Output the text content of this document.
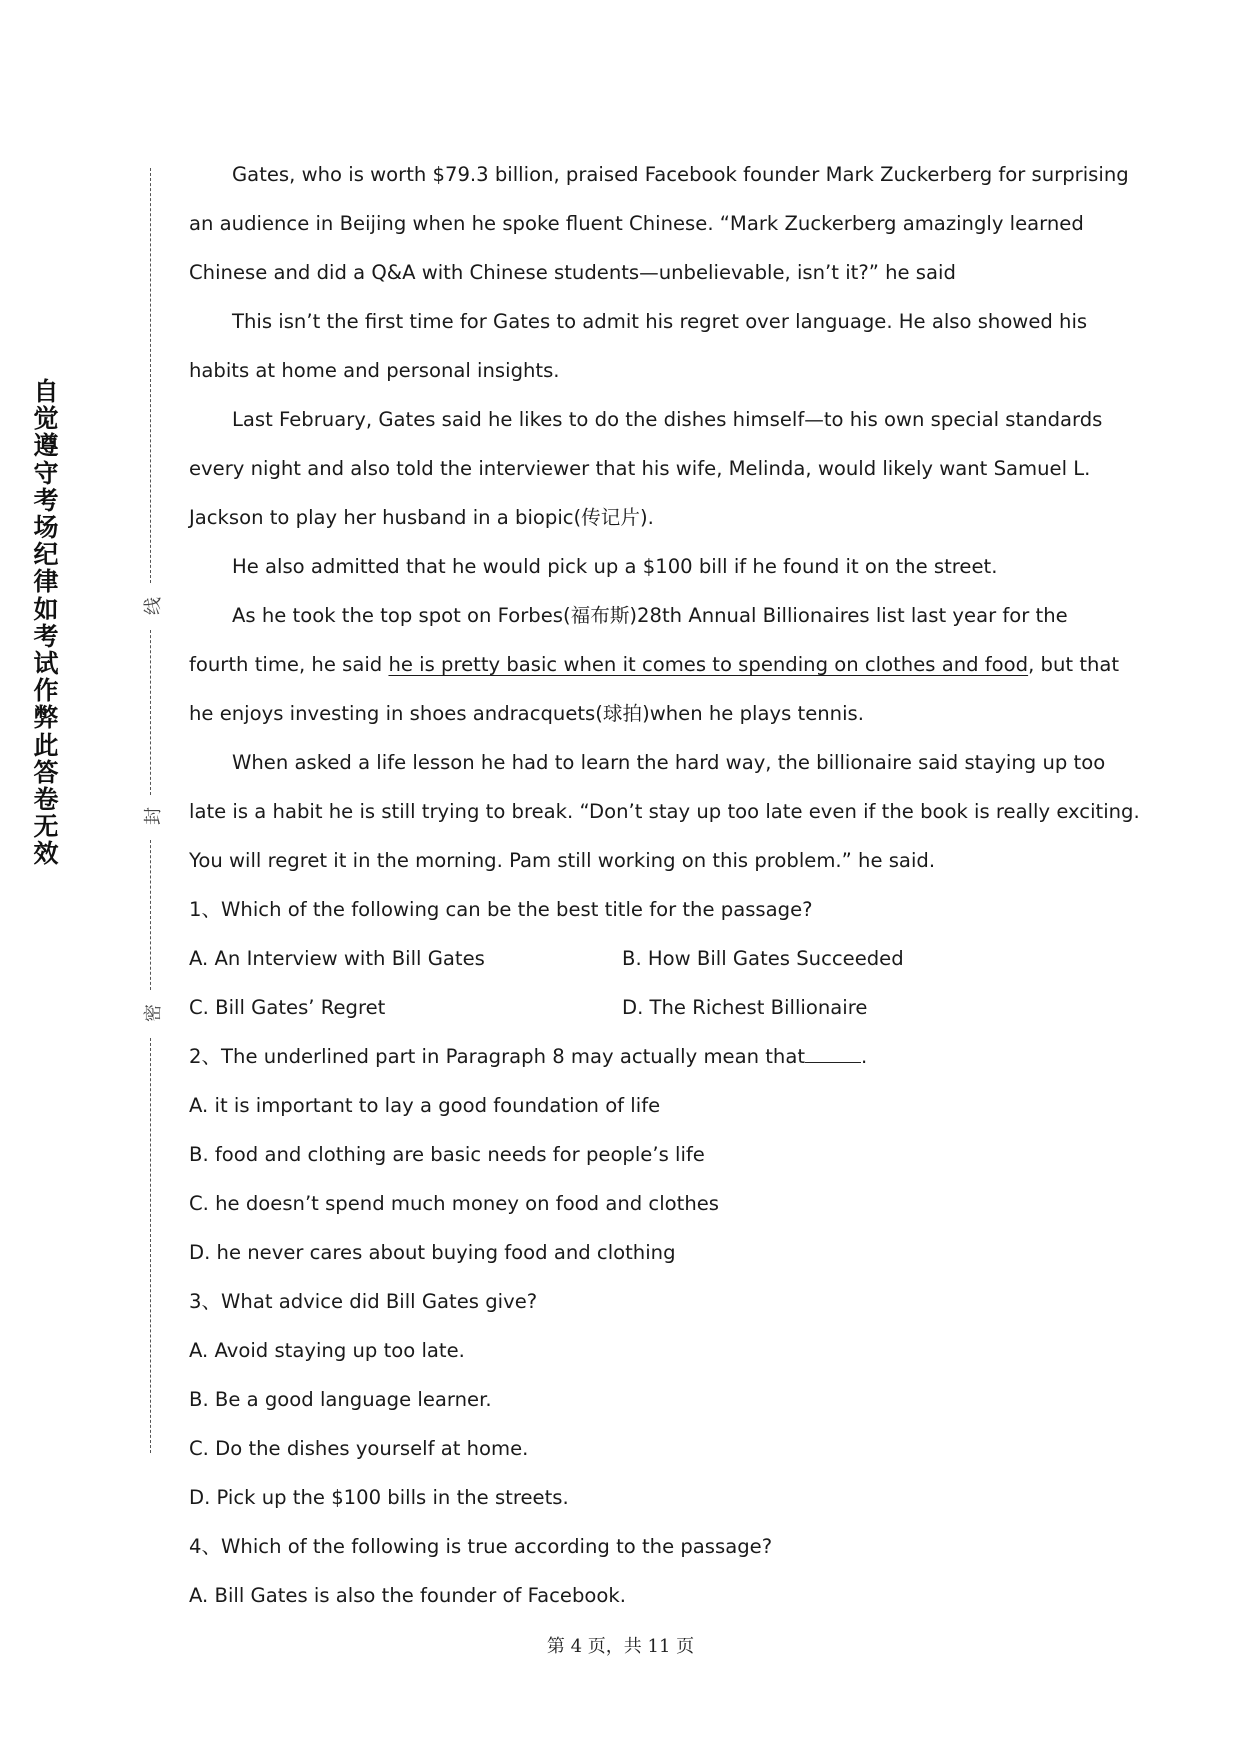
自觉遵守考场纪律如考试作弊此答卷无效
线
封
密
Gates, who is worth $79.3 billion, praised Facebook founder Mark Zuckerberg for surprising
an audience in Beijing when he spoke fluent Chinese. “Mark Zuckerberg amazingly learned
Chinese and did a Q&A with Chinese students—unbelievable, isn’t it?” he said
This isn’t the first time for Gates to admit his regret over language. He also showed his
habits at home and personal insights.
Last February, Gates said he likes to do the dishes himself—to his own special standards
every night and also told the interviewer that his wife, Melinda, would likely want Samuel L.
Jackson to play her husband in a biopic(传记片).
He also admitted that he would pick up a $100 bill if he found it on the street.
As he took the top spot on Forbes(福布斯)28th Annual Billionaires list last year for the
fourth time, he said he is pretty basic when it comes to spending on clothes and food, but that
he enjoys investing in shoes andracquets(球拍)when he plays tennis.
When asked a life lesson he had to learn the hard way, the billionaire said staying up too
late is a habit he is still trying to break. “Don’t stay up too late even if the book is really exciting.
You will regret it in the morning. Pam still working on this problem.” he said.
1、Which of the following can be the best title for the passage?
A. An Interview with Bill Gates	B. How Bill Gates Succeeded
C. Bill Gates’ Regret	D. The Richest Billionaire
2、The underlined part in Paragraph 8 may actually mean that	.
A. it is important to lay a good foundation of life
B. food and clothing are basic needs for people’s life
C. he doesn’t spend much money on food and clothes
D. he never cares about buying food and clothing
3、What advice did Bill Gates give?
A. Avoid staying up too late.
B. Be a good language learner.
C. Do the dishes yourself at home.
D. Pick up the $100 bills in the streets.
4、Which of the following is true according to the passage?
A. Bill Gates is also the founder of Facebook.
第 4 页，共 11 页
